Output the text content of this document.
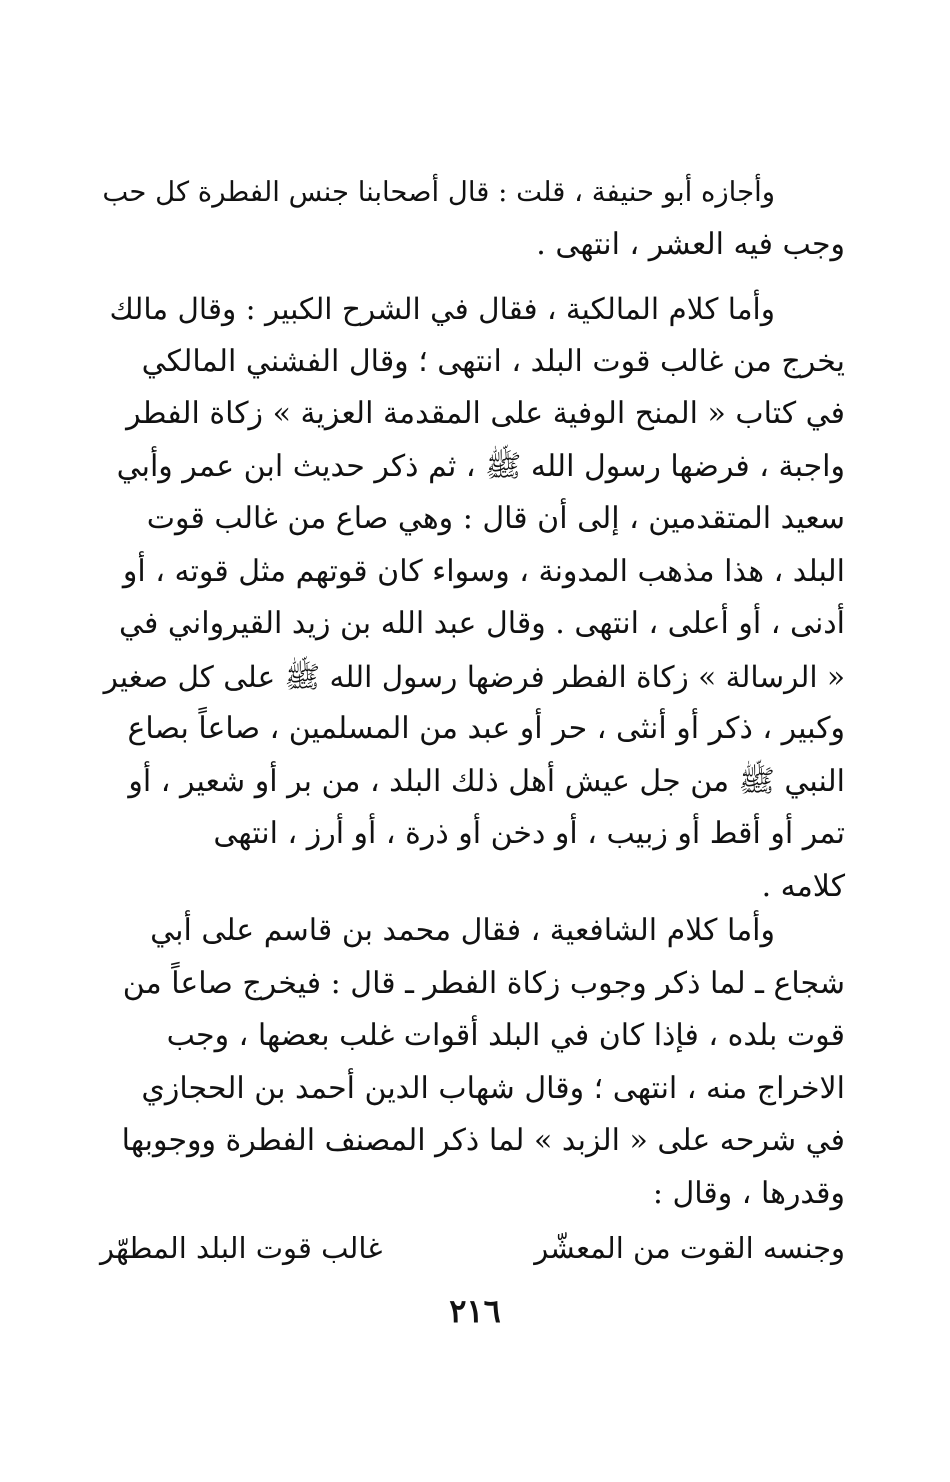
وأجازه أبو حنيفة ، قلت : قال أصحابنا جنس الفطرة كل حب
وجب فيه العشر ، انتهى .
وأما كلام المالكية ، فقال في الشرح الكبير : وقال مالك
يخرج من غالب قوت البلد ، انتهى ؛ وقال الفشني المالكي
في كتاب « المنح الوفية على المقدمة العزية » زكاة الفطر
واجبة ، فرضها رسول الله ﷺ ، ثم ذكر حديث ابن عمر وأبي
سعيد المتقدمين ، إلى أن قال : وهي صاع من غالب قوت
البلد ، هذا مذهب المدونة ، وسواء كان قوتهم مثل قوته ، أو
أدنى ، أو أعلى ، انتهى . وقال عبد الله بن زيد القيرواني في
« الرسالة » زكاة الفطر فرضها رسول الله ﷺ على كل صغير
وكبير ، ذكر أو أنثى ، حر أو عبد من المسلمين ، صاعاً بصاع
النبي ﷺ من جل عيش أهل ذلك البلد ، من بر أو شعير ، أو
تمر أو أقط أو زبيب ، أو دخن أو ذرة ، أو أرز ، انتهى
كلامه .
وأما كلام الشافعية ، فقال محمد بن قاسم على أبي
شجاع ـ لما ذكر وجوب زكاة الفطر ـ قال : فيخرج صاعاً من
قوت بلده ، فإذا كان في البلد أقوات غلب بعضها ، وجب
الاخراج منه ، انتهى ؛ وقال شهاب الدين أحمد بن الحجازي
في شرحه على « الزبد » لما ذكر المصنف الفطرة ووجوبها
وقدرها ، وقال :
وجنسه القوت من المعشّر
غالب قوت البلد المطهّر
٢١٦
